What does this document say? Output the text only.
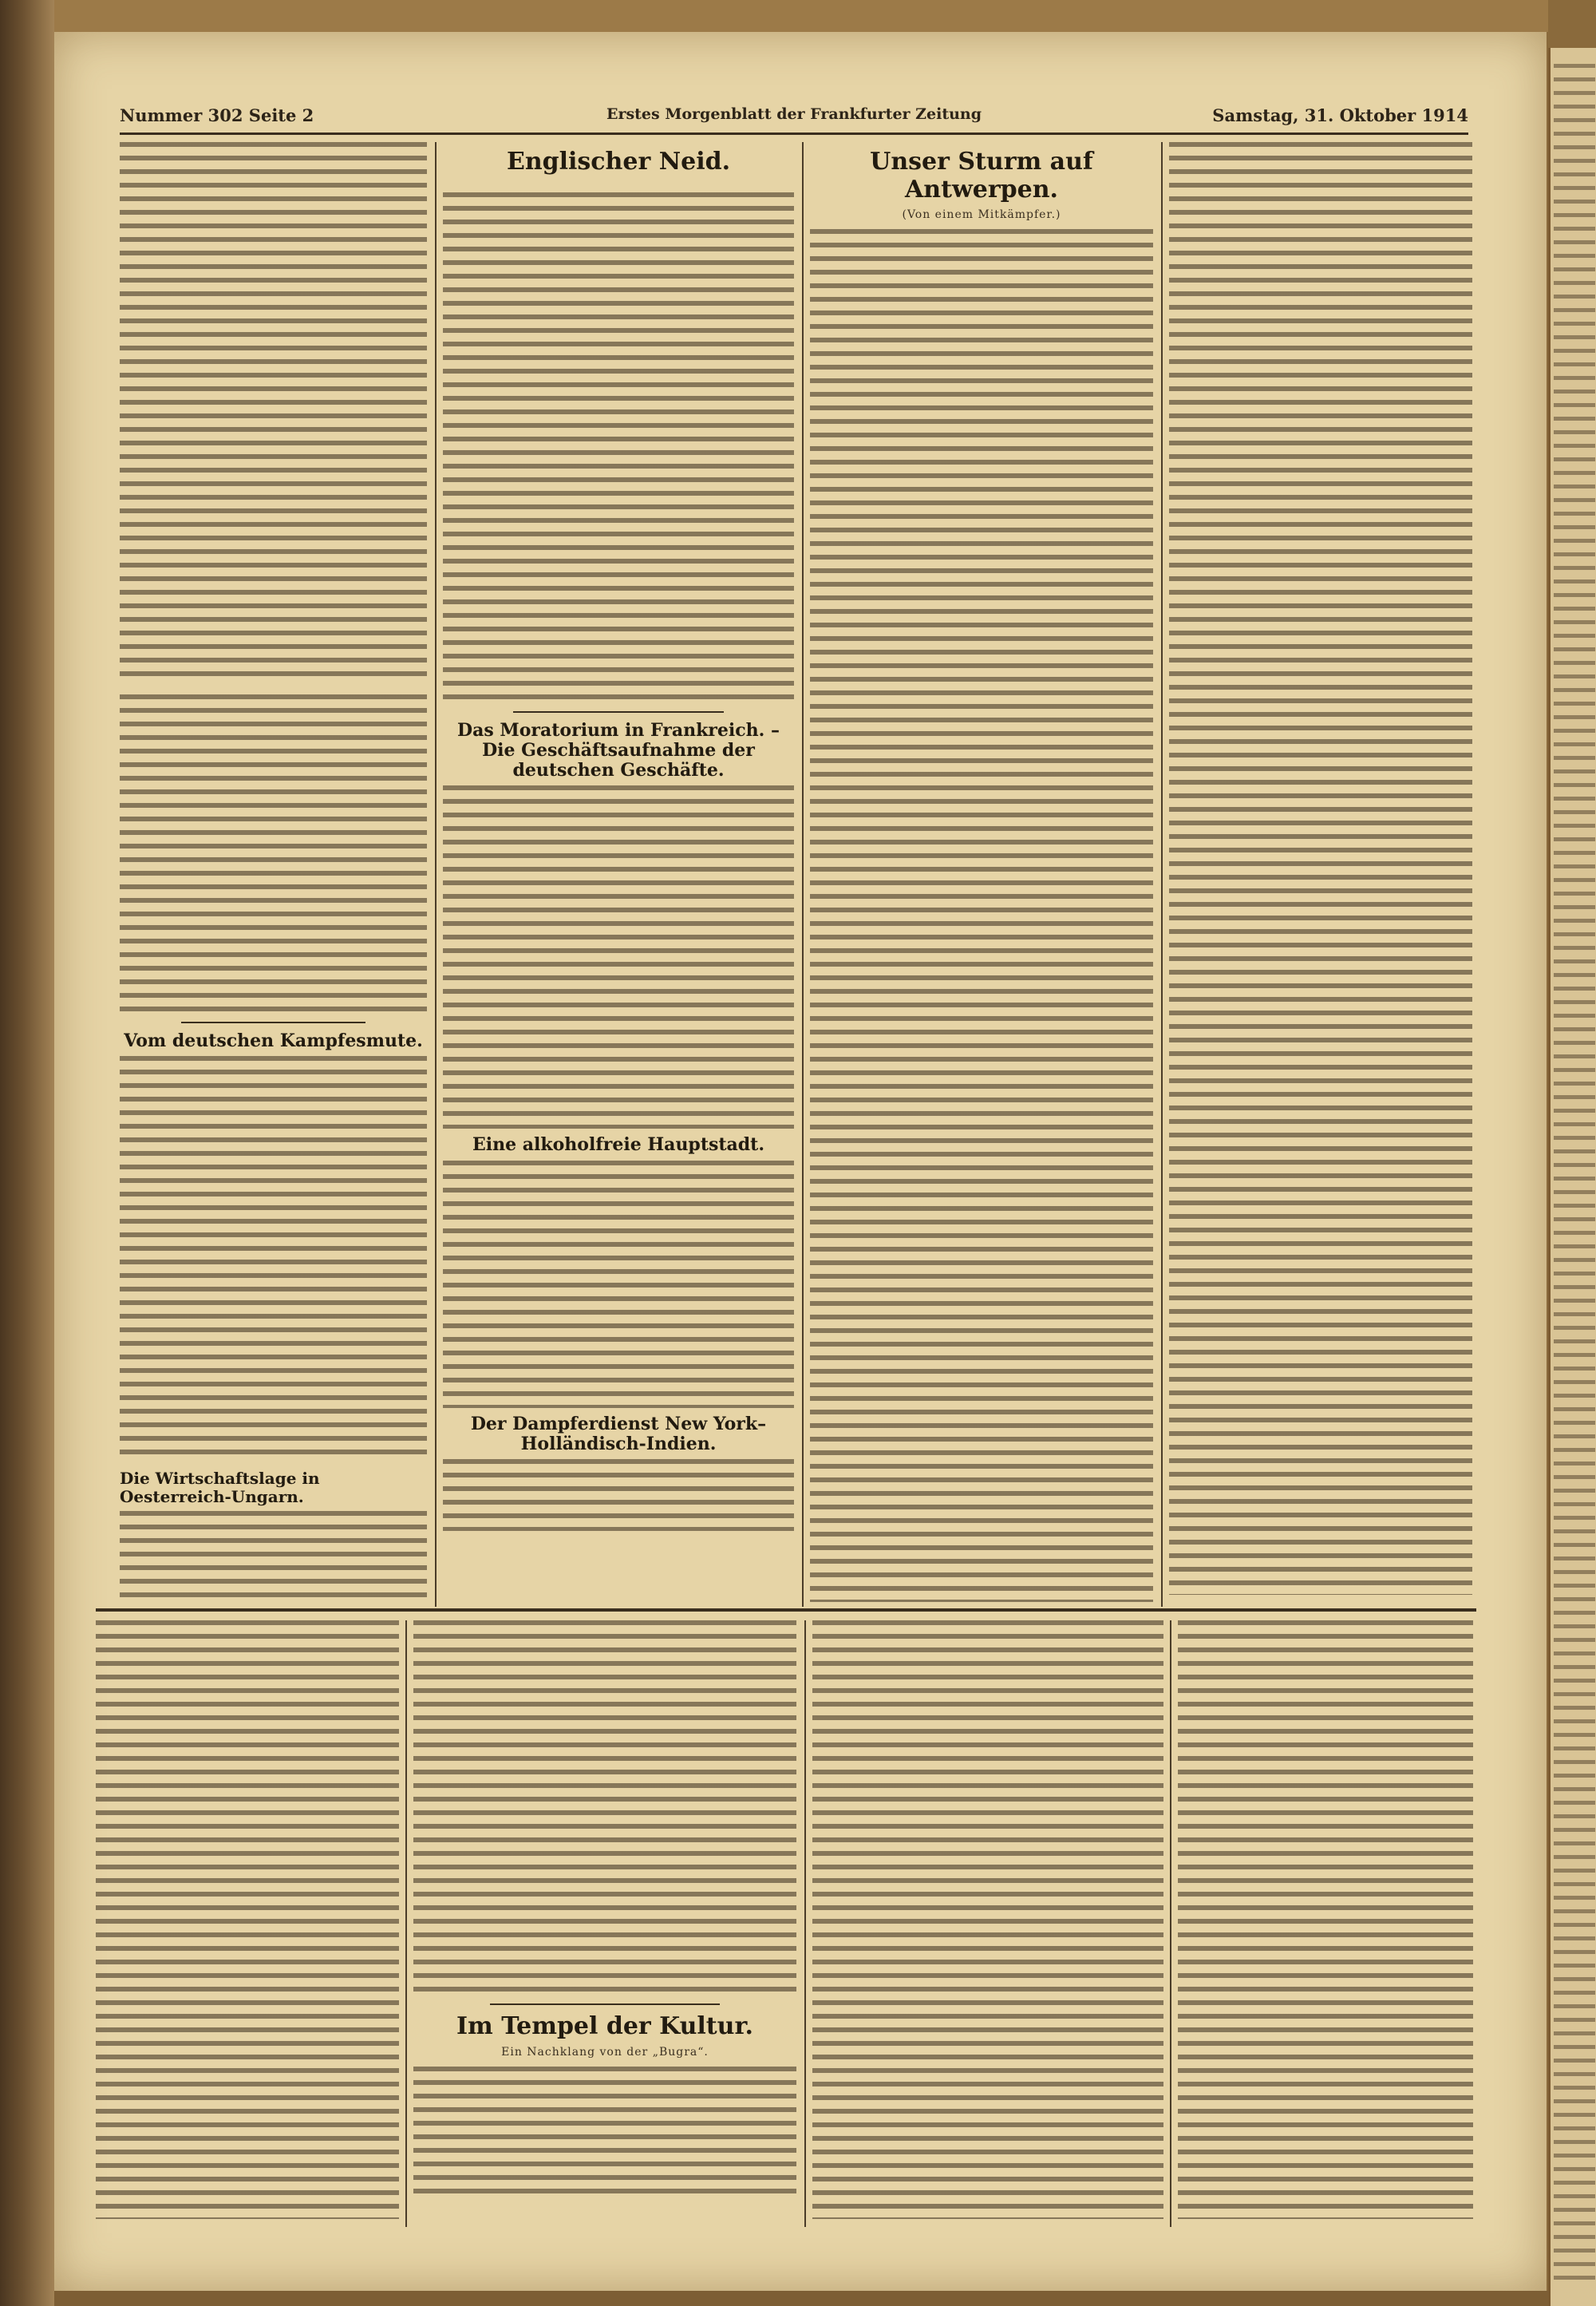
Nummer 302 Seite 2	Erstes Morgenblatt der Frankfurter Zeitung	Samstag, 31. Oktober 1914
Vom deutschen Kampfesmute.
Die Wirtschaftslage in Oesterreich-Ungarn.
Englischer Neid.
Das Moratorium in Frankreich. – Die Geschäftsaufnahme der deutschen Geschäfte.
Eine alkoholfreie Hauptstadt.
Der Dampferdienst New York–Holländisch-Indien.
Unser Sturm auf Antwerpen.
(Von einem Mitkämpfer.)
Im Tempel der Kultur.
Ein Nachklang von der „Bugra“.
